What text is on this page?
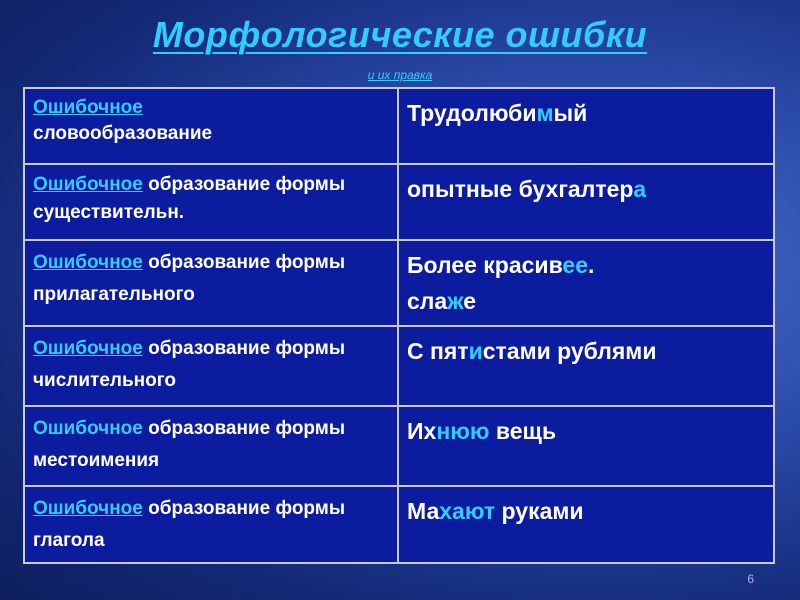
Морфологические ошибки
и их правка
Ошибочное
словообразование	Трудолюбимый
Ошибочное образование формы существительн.	опытные бухгалтера
Ошибочное образование формы прилагательного	Более красивее.
слаже
Ошибочное образование формы числительного	С пятистами рублями
Ошибочное образование формы местоимения	Ихнюю вещь
Ошибочное образование формы глагола	Махают руками
6
